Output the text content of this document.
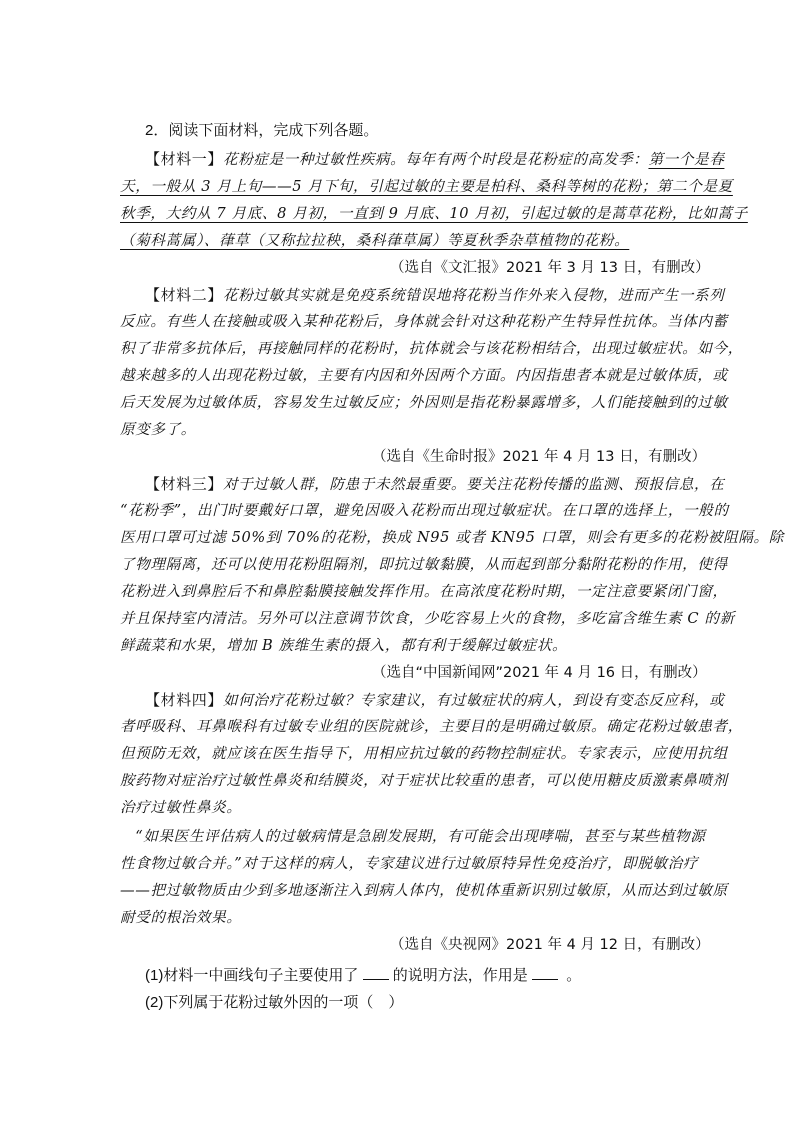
2．阅读下面材料，完成下列各题。
【材料一】花粉症是一种过敏性疾病。每年有两个时段是花粉症的高发季：第一个是春
天，一般从 3 月上旬——5 月下旬，引起过敏的主要是柏科、桑科等树的花粉；第二个是夏
秋季，大约从 7 月底、8 月初，一直到 9 月底、10 月初，引起过敏的是蒿草花粉，比如蒿子
（菊科蒿属）、葎草（又称拉拉秧，桑科葎草属）等夏秋季杂草植物的花粉。
（选自《文汇报》2021 年 3 月 13 日，有删改）
【材料二】花粉过敏其实就是免疫系统错误地将花粉当作外来入侵物，进而产生一系列
反应。有些人在接触或吸入某种花粉后，身体就会针对这种花粉产生特异性抗体。当体内蓄
积了非常多抗体后，再接触同样的花粉时，抗体就会与该花粉相结合，出现过敏症状。如今，
越来越多的人出现花粉过敏，主要有内因和外因两个方面。内因指患者本就是过敏体质，或
后天发展为过敏体质，容易发生过敏反应；外因则是指花粉暴露增多，人们能接触到的过敏
原变多了。
（选自《生命时报》2021 年 4 月 13 日，有删改）
【材料三】对于过敏人群，防患于未然最重要。要关注花粉传播的监测、预报信息，在
“花粉季”，出门时要戴好口罩，避免因吸入花粉而出现过敏症状。在口罩的选择上，一般的
医用口罩可过滤 50%到 70%的花粉，换成 N95 或者 KN95 口罩，则会有更多的花粉被阻隔。除
了物理隔离，还可以使用花粉阻隔剂，即抗过敏黏膜，从而起到部分黏附花粉的作用，使得
花粉进入到鼻腔后不和鼻腔黏膜接触发挥作用。在高浓度花粉时期，一定注意要紧闭门窗，
并且保持室内清洁。另外可以注意调节饮食，少吃容易上火的食物，多吃富含维生素 C 的新
鲜蔬菜和水果，增加 B 族维生素的摄入，都有利于缓解过敏症状。
（选自“中国新闻网”2021 年 4 月 16 日，有删改）
【材料四】如何治疗花粉过敏？专家建议，有过敏症状的病人，到设有变态反应科，或
者呼吸科、耳鼻喉科有过敏专业组的医院就诊，主要目的是明确过敏原。确定花粉过敏患者，
但预防无效，就应该在医生指导下，用相应抗过敏的药物控制症状。专家表示，应使用抗组
胺药物对症治疗过敏性鼻炎和结膜炎，对于症状比较重的患者，可以使用糖皮质激素鼻喷剂
治疗过敏性鼻炎。
　“如果医生评估病人的过敏病情是急剧发展期，有可能会出现哮喘，甚至与某些植物源
性食物过敏合并。”对于这样的病人，专家建议进行过敏原特异性免疫治疗，即脱敏治疗
——把过敏物质由少到多地逐渐注入到病人体内，使机体重新识别过敏原，从而达到过敏原
耐受的根治效果。
（选自《央视网》2021 年 4 月 12 日，有删改）
(1)材料一中画线句子主要使用了 的说明方法，作用是	。
(2)下列属于花粉过敏外因的一项（　）
